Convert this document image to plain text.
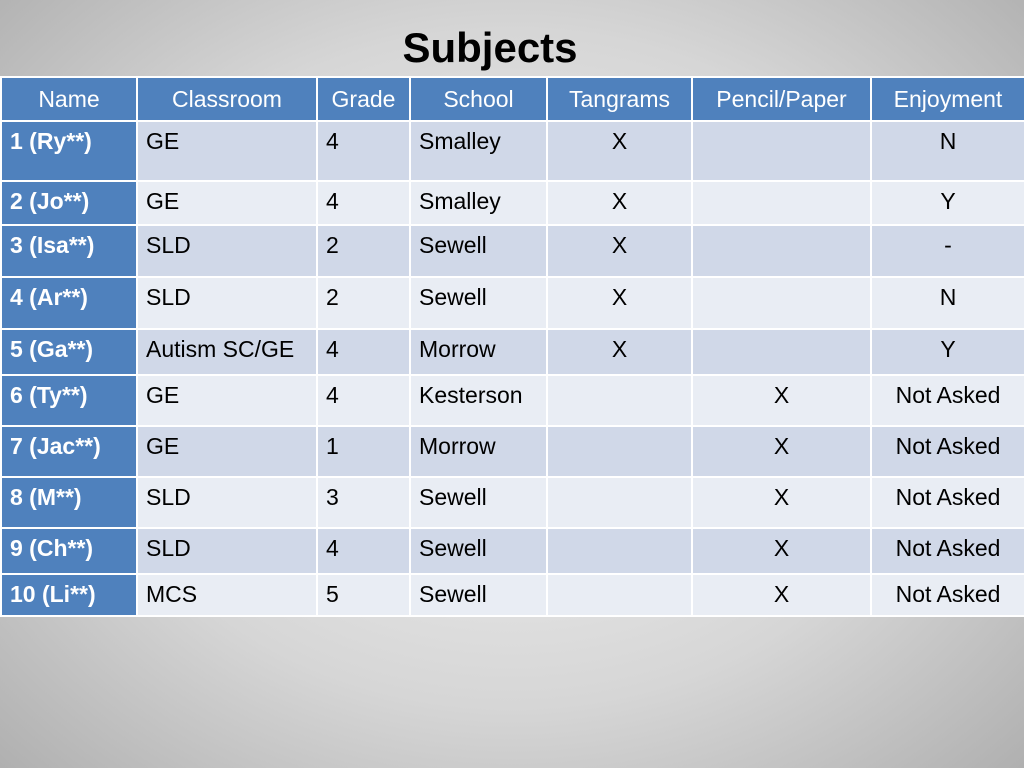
Subjects
Name	Classroom	Grade	School	Tangrams	Pencil/Paper	Enjoyment
1 (Ry**)	GE	4	Smalley	X		N
2 (Jo**)	GE	4	Smalley	X		Y
3 (Isa**)	SLD	2	Sewell	X		-
4 (Ar**)	SLD	2	Sewell	X		N
5 (Ga**)	Autism SC/GE	4	Morrow	X		Y
6 (Ty**)	GE	4	Kesterson		X	Not Asked
7 (Jac**)	GE	1	Morrow		X	Not Asked
8 (M**)	SLD	3	Sewell		X	Not Asked
9 (Ch**)	SLD	4	Sewell		X	Not Asked
10 (Li**)	MCS	5	Sewell		X	Not Asked
